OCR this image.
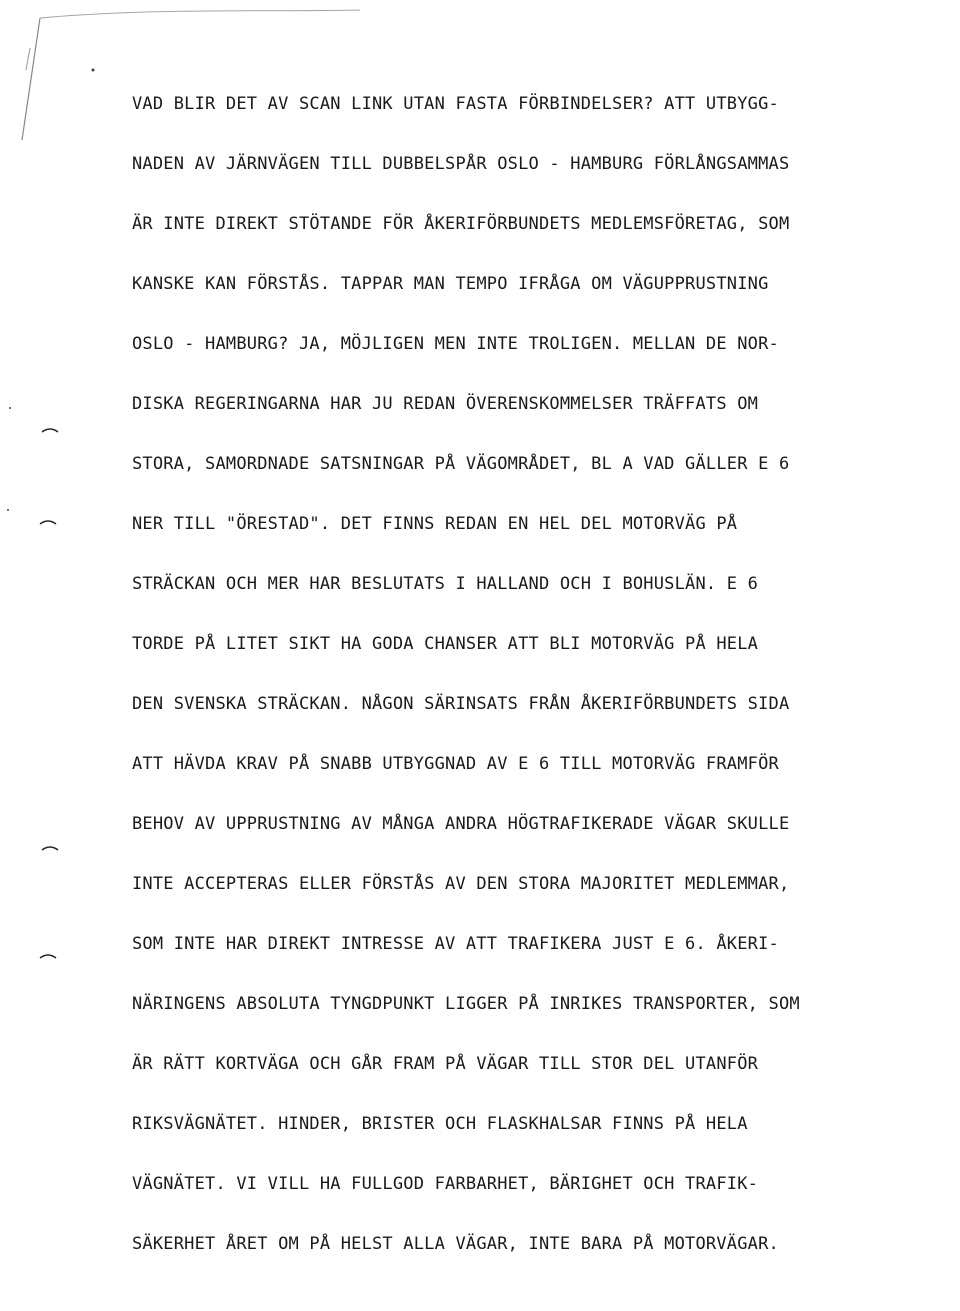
VAD BLIR DET AV SCAN LINK UTAN FASTA FÖRBINDELSER? ATT UTBYGG-
NADEN AV JÄRNVÄGEN TILL DUBBELSPÅR OSLO - HAMBURG FÖRLÅNGSAMMAS
ÄR INTE DIREKT STÖTANDE FÖR ÅKERIFÖRBUNDETS MEDLEMSFÖRETAG, SOM
KANSKE KAN FÖRSTÅS. TAPPAR MAN TEMPO IFRÅGA OM VÄGUPPRUSTNING
OSLO - HAMBURG? JA, MÖJLIGEN MEN INTE TROLIGEN. MELLAN DE NOR-
DISKA REGERINGARNA HAR JU REDAN ÖVERENSKOMMELSER TRÄFFATS OM
STORA, SAMORDNADE SATSNINGAR PÅ VÄGOMRÅDET, BL A VAD GÄLLER E 6
NER TILL "ÖRESTAD". DET FINNS REDAN EN HEL DEL MOTORVÄG PÅ
STRÄCKAN OCH MER HAR BESLUTATS I HALLAND OCH I BOHUSLÄN. E 6
TORDE PÅ LITET SIKT HA GODA CHANSER ATT BLI MOTORVÄG PÅ HELA
DEN SVENSKA STRÄCKAN. NÅGON SÄRINSATS FRÅN ÅKERIFÖRBUNDETS SIDA
ATT HÄVDA KRAV PÅ SNABB UTBYGGNAD AV E 6 TILL MOTORVÄG FRAMFÖR
BEHOV AV UPPRUSTNING AV MÅNGA ANDRA HÖGTRAFIKERADE VÄGAR SKULLE
INTE ACCEPTERAS ELLER FÖRSTÅS AV DEN STORA MAJORITET MEDLEMMAR,
SOM INTE HAR DIREKT INTRESSE AV ATT TRAFIKERA JUST E 6. ÅKERI-
NÄRINGENS ABSOLUTA TYNGDPUNKT LIGGER PÅ INRIKES TRANSPORTER, SOM
ÄR RÄTT KORTVÄGA OCH GÅR FRAM PÅ VÄGAR TILL STOR DEL UTANFÖR
RIKSVÄGNÄTET. HINDER, BRISTER OCH FLASKHALSAR FINNS PÅ HELA
VÄGNÄTET. VI VILL HA FULLGOD FARBARHET, BÄRIGHET OCH TRAFIK-
SÄKERHET ÅRET OM PÅ HELST ALLA VÄGAR, INTE BARA PÅ MOTORVÄGAR.
